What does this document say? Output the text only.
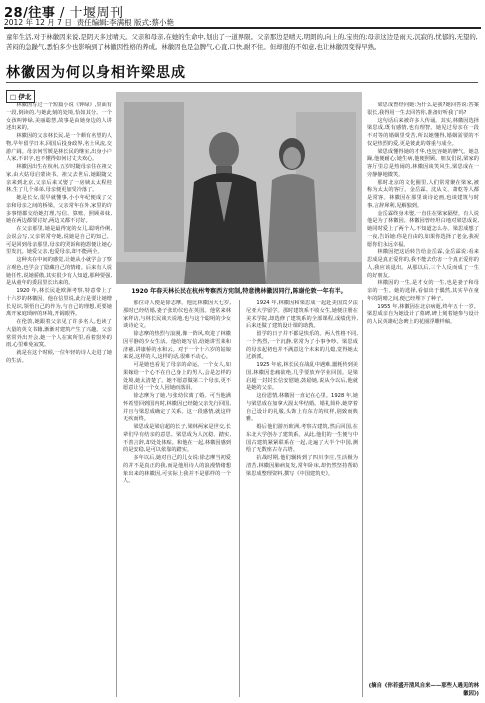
28/往事 / 十堰周刊
2012 年 12 月 7 日 责任编辑:李满根 版式:蔡小艳
童年生活,对于林徽因来说,是阴天多过晴天。父亲和母亲,在她的生命中,划出了一道界限。父亲那边是晴天,明朗的,向上的,宝贵的;母亲这边是雨天,沉寂的,忧郁的,无望的,苦闷的急躁气,悉怕多少也影响到了林徽因性格的养成。林徽因也是急脾气,心直,口快,耐不住。但却很的不如意,也让林徽因变得早熟。
林徽因为何以身相许梁思成
□ 伊北
1920 年春天林长民在杭州考察西方宪制,特意携林徽因同行,陈谢伦敦一年有半。

林徽因写过一个短篇小说《钟绿》,里面有一段,倒读的,与她此刻的处境,恰如其分。一个女孩叫钟绿,美丽聪慧,故事是由她身边的人讲述出来的。

林徽因的父亲林长民,是一个颇有名望的人物,早年留学日本,回国后投身政界,名士风流,交游广阔。母亲何雪媛是林长民的继室,出身小户人家,不识字,也不懂得如何讨丈夫欢心。

林徽因出生在杭州,五岁时随母亲住在祖父家,由大姑母启蒙读书。祖父去世后,她跟随父亲来到北京,父亲后来又娶了一房姨太太程桂林,生了几个弟弟,母亲便更加受冷落了。

她是长女,很早就懂事,小小年纪便成了父亲和母亲之间的桥梁。父亲常年在外,家里的许多事情都交给她打理,写信、算账、照顾弟妹,她在两边都要讨好,两边又都不讨好。

在父亲那里,她是最得宠的女儿,聪明伶俐,会说会写,父亲常常夸她,说她是自己的知己。可是回到母亲那里,母亲的哭诉和抱怨便让她心里发沉。她爱父亲,也爱母亲,却不能两全。

这种夹在中间的感觉,让她从小就学会了察言观色,也学会了隐藏自己的情绪。后来有人说她任性,说她骄傲,其实很少有人知道,那种要强,是从童年的委屈里长出来的。

1920 年,林长民赴欧洲考察,特意带上了十六岁的林徽因。他在信里说,此行是要让她增长见识,领悟自己的作为,与自己的理想,更要她离开家庭琐碎的环境,开阔眼界。

在伦敦,她跟着父亲见了许多名人,也读了大量的英文书籍,渐渐对建筑产生了兴趣。父亲常常外出开会,她一个人在寓所里,看着窗外的雨,心里难免寂寞。

就是在这个时候,一位年轻的诗人走进了她的生活。

那位诗人便是徐志摩。他比林徽因大七岁,那时已经结婚,妻子张幼仪也在英国。他常来林家拜访,与林长民谈天说地,也与这个聪明的少女谈诗论文。

徐志摩的热烈与浪漫,像一阵风,吹进了林徽因平静的少女生活。他给她写信,给她讲雪莱和济慈,讲康桥的水和云。对于一个十六岁的姑娘来说,这样的人,这样的话,很难不动心。

可是她也看见了母亲的命运。一个女人,如果嫁给一个心不在自己身上的男人,会是怎样的处境,她太清楚了。她不愿意做第二个母亲,更不愿意让另一个女人因她而落泪。

徐志摩为了她,与张幼仪离了婚。可当他满怀希望回到国内时,林徽因已经随父亲先行回国,并且与梁思成确定了关系。这一段感情,就这样无疾而终。

梁思成是梁启超的长子,梁林两家是世交,长辈们早有结亲的意思。梁思成为人沉稳、踏实,不善言辞,却处处体贴。和他在一起,林徽因感到的是安稳,是可以依靠的踏实。

多年以后,她对自己的儿女说:徐志摩当初爱的并不是真正的我,而是他用诗人的浪漫情绪想象出来的林徽因,可实际上我并不是那样的一个人。

1924 年,林徽因和梁思成一起赴美国宾夕法尼亚大学留学。那时建筑系不收女生,她便注册在美术学院,却选修了建筑系的全部课程,成绩优异,后来还做了建筑设计课的助教。

留学的日子并不都是快乐的。两人性格不同,一个热烈,一个沉静,常常为了小事争吵。梁思成的母亲起初也并不满意这个未来的儿媳,觉得她太过新派。

1925 年底,林长民在战乱中遇难,噩耗传到美国,林徽因悲痛欲绝,几乎要放弃学业回国。是梁启超一封封长信安慰她,鼓励她,说从今以后,他就是她的父亲。

这份恩情,林徽因一直记在心里。1928 年,她与梁思成在加拿大渥太华结婚。婚礼简朴,她穿着自己设计的礼服,头饰上有东方的纹样,别致而典雅。

婚后他们游历欧洲,考察古建筑,然后回国,在东北大学创办了建筑系。从此,他们的一生便与中国古建筑紧紧联系在一起,走遍了大半个中国,测绘了无数座古寺古塔。

抗战时期,他们辗转到了四川李庄,生活极为清苦,林徽因肺病复发,常年卧床,却仍然坚持帮助梁思成整理资料,撰写《中国建筑史》。

梁思成曾经问她:为什么是我?她回答说:答案很长,我得用一生去回答你,准备好听我了吗?

这句话后来被许多人传诵。其实,林徽因选择梁思成,既有感情,也有理智。她见过母亲在一段不对等的婚姻里受苦,所以她懂得,婚姻需要的不仅是热烈的爱,更是彼此的尊重与成全。

梁思成懂得她的才华,也包容她的脾气。她急躁,他便耐心;她生病,他便照顾。朋友们说,梁家的客厅里总是热闹的,林徽因谈笑风生,梁思成在一旁静静地微笑。

那时北京的文化圈里,人们常常聚在梁家,被称为太太的客厅。金岳霖、沈从文、萧乾等人都是常客。林徽因在那里谈诗论画,也谈建筑与时事,言辞犀利,见解独到。

金岳霖终身未娶,一直住在梁家隔壁。有人说他是为了林徽因。林徽因曾经坦白地对梁思成说,她同时爱上了两个人,不知道怎么办。梁思成想了一夜,告诉她:你是自由的,如果你选择了老金,我祝愿你们永远幸福。

林徽因把这话转告给金岳霖,金岳霖说:看来思成是真正爱你的,我不能去伤害一个真正爱你的人,我应该退出。从那以后,三个人反而成了一生的好朋友。

林徽因的一生,是才女的一生,也是妻子和母亲的一生。她的选择,看似出于偶然,其实早在童年的阴晴之间,便已经埋下了种子。

1955 年,林徽因在北京病逝,终年五十一岁。梁思成亲自为她设计了墓碑,碑上刻着她参与设计的人民英雄纪念碑上的花圈浮雕样稿。

(摘自《你若盛开清风自来——那些人遇见的林徽因》)
